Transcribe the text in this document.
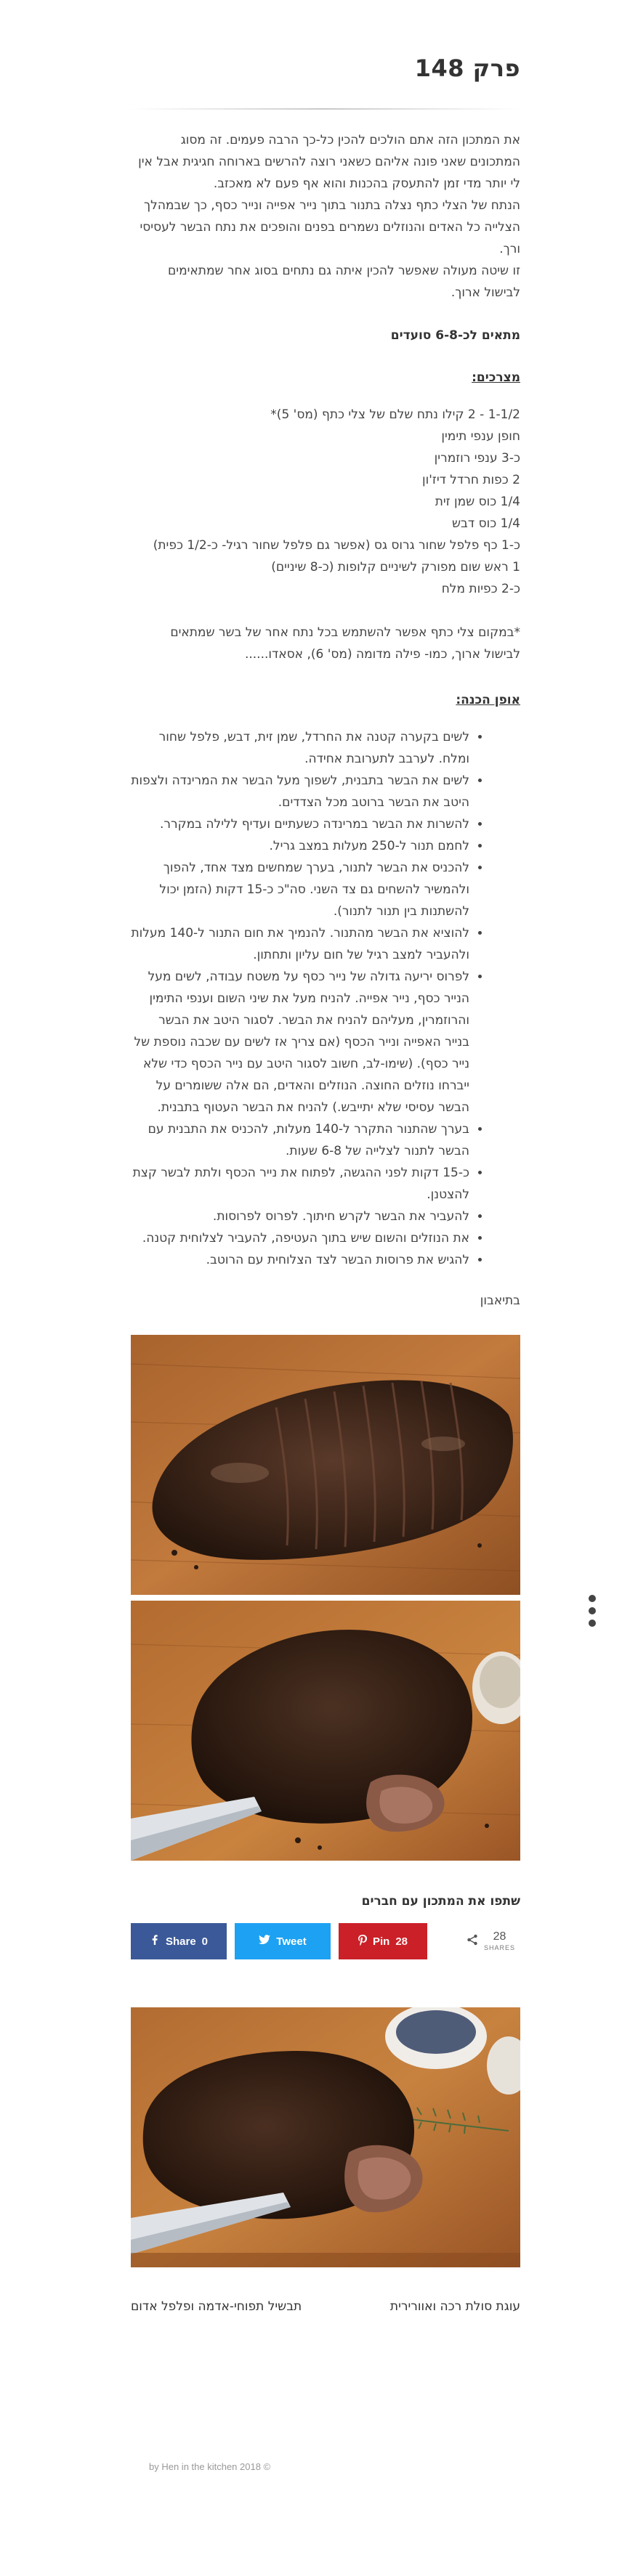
פרק 148

את המתכון הזה אתם הולכים להכין כל-כך הרבה פעמים. זה מסוג המתכונים שאני פונה אליהם כשאני רוצה להרשים בארוחה חגיגית אבל אין לי יותר מדי זמן להתעסק בהכנות והוא אף פעם לא מאכזב.

הנתח של הצלי כתף נצלה בתנור בתוך נייר אפייה ונייר כסף, כך שבמהלך הצלייה כל האדים והנוזלים נשמרים בפנים והופכים את נתח הבשר לעסיסי ורך.

זו שיטה מעולה שאפשר להכין איתה גם נתחים בסוג אחר שמתאימים לבישול ארוך.

מתאים לכ-6-8 סועדים
מצרכים:

1-1/2 - 2 קילו נתח שלם של צלי כתף (מס' 5)*

חופן ענפי תימין

כ-3 ענפי רוזמרין

2 כפות חרדל דיז'ון

1/4 כוס שמן זית

1/4 כוס דבש

כ-1 כף פלפל שחור גרוס גס (אפשר גם פלפל שחור רגיל- כ-1/2 כפית)

1 ראש שום מפורק לשיניים קלופות (כ-8 שיניים)

כ-2 כפיות מלח

*במקום צלי כתף אפשר להשתמש בכל נתח אחר של בשר שמתאים לבישול ארוך, כמו- פילה מדומה (מס' 6), אסאדו......

אופן הכנה:
• לשים בקערה קטנה את החרדל, שמן זית, דבש, פלפל שחור ומלח. לערבב לתערובת אחידה.
• לשים את הבשר בתבנית, לשפוך מעל הבשר את המרינדה ולצפות היטב את הבשר ברוטב מכל הצדדים.
• להשרות את הבשר במרינדה כשעתיים ועדיף ללילה במקרר.
• לחמם תנור ל-250 מעלות במצב גריל.
• להכניס את הבשר לתנור, בערך שמחשים מצד אחד, להפוך ולהמשיר להשחים גם צד השני. סה"כ כ-15 דקות (הזמן יכול להשתנות בין תנור לתנור).
• להוציא את הבשר מהתנור. להנמיך את חום התנור ל-140 מעלות ולהעביר למצב רגיל של חום עליון ותחתון.
• לפרוס יריעה גדולה של נייר כסף על משטח עבודה, לשים מעל הנייר כסף, נייר אפייה. להניח מעל את שיני השום וענפי התימין והרוזמרין, מעליהם להניח את הבשר. לסגור היטב את הבשר בנייר האפייה ונייר הכסף (אם צריך אז לשים עם שכבה נוספת של נייר כסף). (שימו-לב, חשוב לסגור היטב עם נייר הכסף כדי שלא ייברחו נוזלים החוצה. הנוזלים והאדים, הם אלה ששומרים על הבשר עסיסי שלא יתייבש.) להניח את הבשר העטוף בתבנית.
• בערך שהתנור התקרר ל-140 מעלות, להכניס את התבנית עם הבשר לתנור לצלייה של 6-8 שעות.
• כ-15 דקות לפני ההגשה, לפתוח את נייר הכסף ולתת לבשר קצת להצטנן.
• להעביר את הבשר לקרש חיתוך. לפרוס לפרוסות.
• את הנוזלים והשום שיש בתוך העטיפה, להעביר לצלוחית קטנה.
• להגיש את פרוסות הבשר לצד הצלוחית עם הרוטב.

בתיאבון

שתפו את המתכון עם חברים
Share 0	Tweet	Pin 28	28
SHARES
עוגת סולת רכה ואוורירית
תבשיל תפוחי-אדמה ופלפל אדום
by Hen in the kitchen 2018 ©
